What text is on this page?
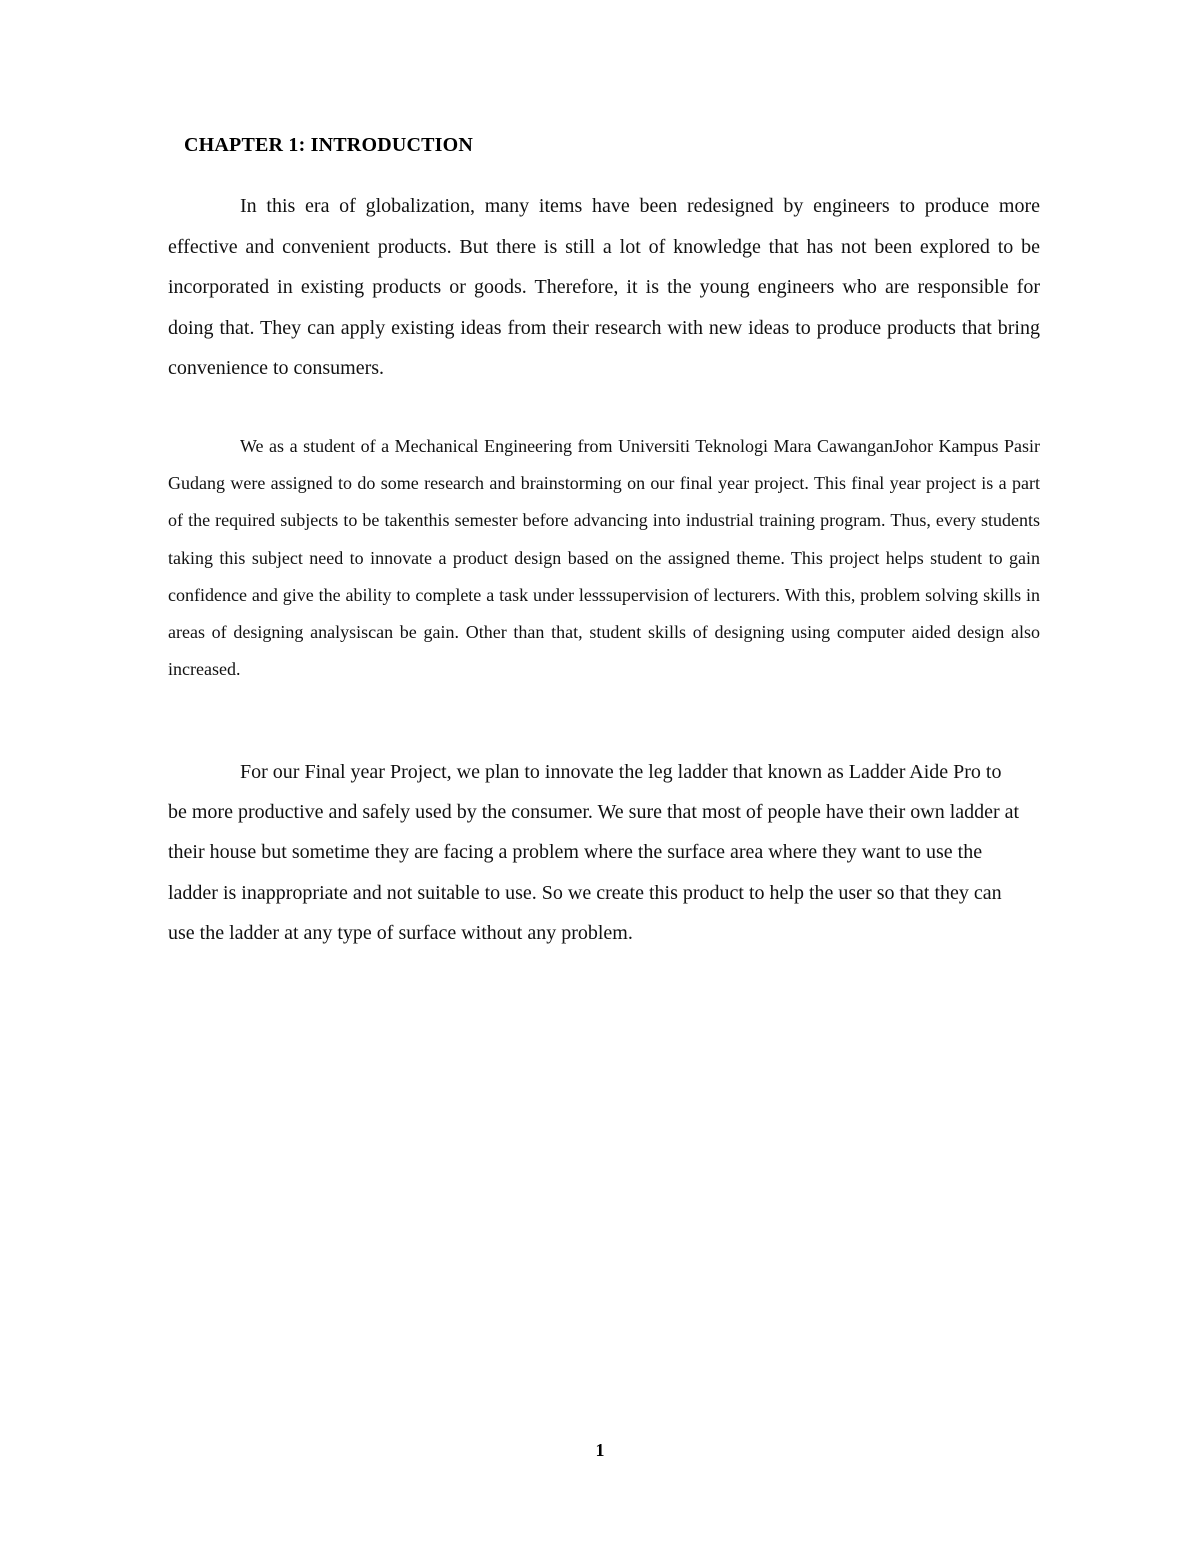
CHAPTER 1: INTRODUCTION

In this era of globalization, many items have been redesigned by engineers to produce more effective and convenient products. But there is still a lot of knowledge that has not been explored to be incorporated in existing products or goods. Therefore, it is the young engineers who are responsible for doing that. They can apply existing ideas from their research with new ideas to produce products that bring convenience to consumers.

We as a student of a Mechanical Engineering from Universiti Teknologi Mara CawanganJohor Kampus Pasir Gudang were assigned to do some research and brainstorming on our final year project. This final year project is a part of the required subjects to be takenthis semester before advancing into industrial training program. Thus, every students taking this subject need to innovate a product design based on the assigned theme. This project helps student to gain confidence and give the ability to complete a task under lesssupervision of lecturers. With this, problem solving skills in areas of designing analysiscan be gain. Other than that, student skills of designing using computer aided design also increased.

For our Final year Project, we plan to innovate the leg ladder that known as Ladder Aide Pro to be more productive and safely used by the consumer. We sure that most of people have their own ladder at their house but sometime they are facing a problem where the surface area where they want to use the ladder is inappropriate and not suitable to use. So we create this product to help the user so that they can use the ladder at any type of surface without any problem.

1
